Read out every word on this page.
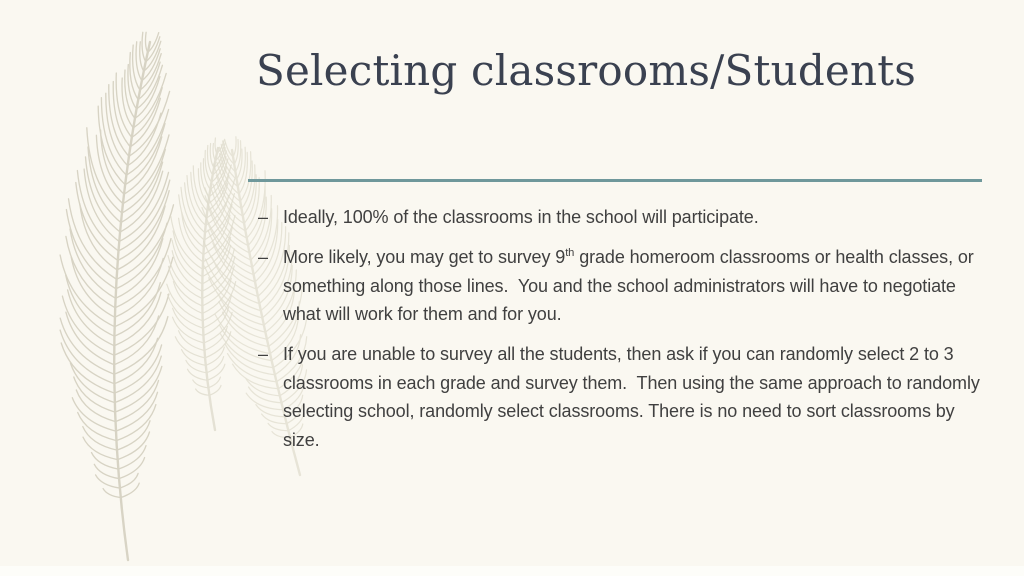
Selecting classrooms/Students
– Ideally, 100% of the classrooms in the school will participate.
– More likely, you may get to survey 9th grade homeroom classrooms or health classes, or something along those lines.  You and the school administrators will have to negotiate what will work for them and for you.
– If you are unable to survey all the students, then ask if you can randomly select 2 to 3 classrooms in each grade and survey them.  Then using the same approach to randomly selecting school, randomly select classrooms. There is no need to sort classrooms by size.
